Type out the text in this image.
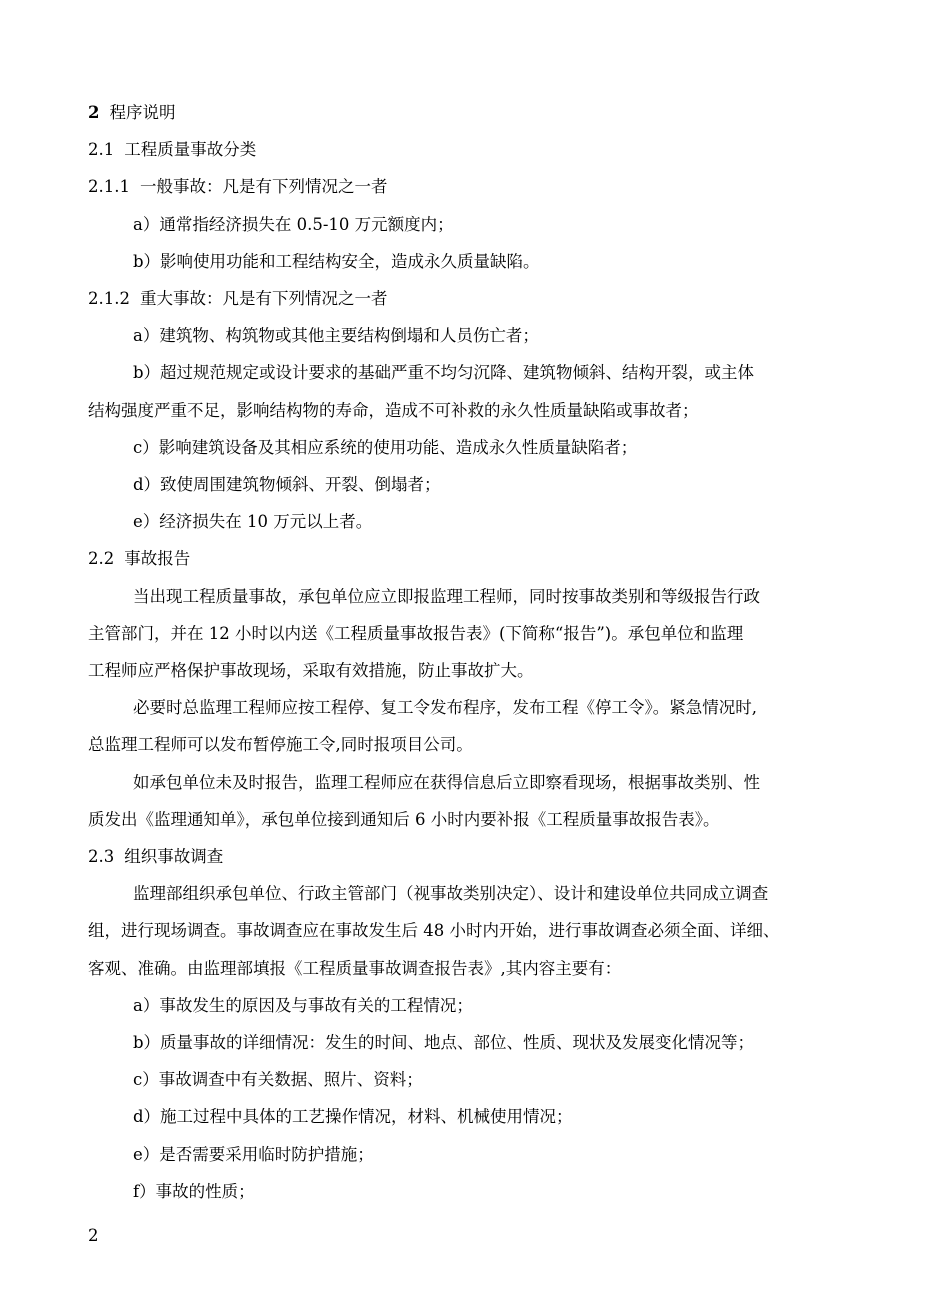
2 程序说明

2.1 工程质量事故分类

2.1.1 一般事故：凡是有下列情况之一者

a）通常指经济损失在 0.5-10 万元额度内；

b）影响使用功能和工程结构安全，造成永久质量缺陷。

2.1.2 重大事故：凡是有下列情况之一者

a）建筑物、构筑物或其他主要结构倒塌和人员伤亡者；

b）超过规范规定或设计要求的基础严重不均匀沉降、建筑物倾斜、结构开裂，或主体

结构强度严重不足，影响结构物的寿命，造成不可补救的永久性质量缺陷或事故者；

c）影响建筑设备及其相应系统的使用功能、造成永久性质量缺陷者；

d）致使周围建筑物倾斜、开裂、倒塌者；

e）经济损失在 10 万元以上者。

2.2 事故报告

当出现工程质量事故，承包单位应立即报监理工程师，同时按事故类别和等级报告行政

主管部门，并在 12 小时以内送《工程质量事故报告表》(下简称“报告”)。承包单位和监理

工程师应严格保护事故现场，采取有效措施，防止事故扩大。

必要时总监理工程师应按工程停、复工令发布程序，发布工程《停工令》。紧急情况时,

总监理工程师可以发布暂停施工令,同时报项目公司。

如承包单位未及时报告，监理工程师应在获得信息后立即察看现场，根据事故类别、性

质发出《监理通知单》，承包单位接到通知后 6 小时内要补报《工程质量事故报告表》。

2.3 组织事故调查

监理部组织承包单位、行政主管部门（视事故类别决定）、设计和建设单位共同成立调查

组，进行现场调查。事故调查应在事故发生后 48 小时内开始，进行事故调查必须全面、详细、

客观、准确。由监理部填报《工程质量事故调查报告表》,其内容主要有：

a）事故发生的原因及与事故有关的工程情况；

b）质量事故的详细情况：发生的时间、地点、部位、性质、现状及发展变化情况等；

c）事故调查中有关数据、照片、资料；

d）施工过程中具体的工艺操作情况，材料、机械使用情况；

e）是否需要采用临时防护措施；

f）事故的性质；

2
